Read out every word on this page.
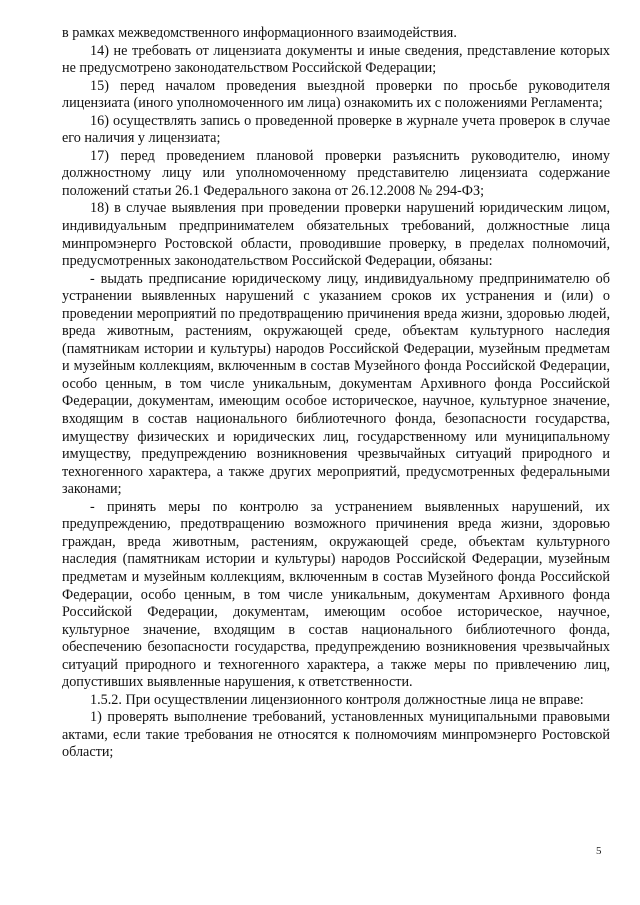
в рамках межведомственного информационного взаимодействия.

14) не требовать от лицензиата документы и иные сведения, представление которых не предусмотрено законодательством Российской Федерации;

15) перед началом проведения выездной проверки по просьбе руководителя лицензиата (иного уполномоченного им лица) ознакомить их с положениями Регламента;

16) осуществлять запись о проведенной проверке в журнале учета проверок в случае его наличия у лицензиата;

17) перед проведением плановой проверки разъяснить руководителю, иному должностному лицу или уполномоченному представителю лицензиата содержание положений статьи 26.1 Федерального закона от 26.12.2008 № 294-ФЗ;

18) в случае выявления при проведении проверки нарушений юридическим лицом, индивидуальным предпринимателем обязательных требований, должностные лица минпромэнерго Ростовской области, проводившие проверку, в пределах полномочий, предусмотренных законодательством Российской Федерации, обязаны:

- выдать предписание юридическому лицу, индивидуальному предпринимателю об устранении выявленных нарушений с указанием сроков их устранения и (или) о проведении мероприятий по предотвращению причинения вреда жизни, здоровью людей, вреда животным, растениям, окружающей среде, объектам культурного наследия (памятникам истории и культуры) народов Российской Федерации, музейным предметам и музейным коллекциям, включенным в состав Музейного фонда Российской Федерации, особо ценным, в том числе уникальным, документам Архивного фонда Российской Федерации, документам, имеющим особое историческое, научное, культурное значение, входящим в состав национального библиотечного фонда, безопасности государства, имуществу физических и юридических лиц, государственному или муниципальному имуществу, предупреждению возникновения чрезвычайных ситуаций природного и техногенного характера, а также других мероприятий, предусмотренных федеральными законами;

- принять меры по контролю за устранением выявленных нарушений, их предупреждению, предотвращению возможного причинения вреда жизни, здоровью граждан, вреда животным, растениям, окружающей среде, объектам культурного наследия (памятникам истории и культуры) народов Российской Федерации, музейным предметам и музейным коллекциям, включенным в состав Музейного фонда Российской Федерации, особо ценным, в том числе уникальным, документам Архивного фонда Российской Федерации, документам, имеющим особое историческое, научное, культурное значение, входящим в состав национального библиотечного фонда, обеспечению безопасности государства, предупреждению возникновения чрезвычайных ситуаций природного и техногенного характера, а также меры по привлечению лиц, допустивших выявленные нарушения, к ответственности.

1.5.2. При осуществлении лицензионного контроля должностные лица не вправе:

1) проверять выполнение требований, установленных муниципальными правовыми актами, если такие требования не относятся к полномочиям минпромэнерго Ростовской области;

5
